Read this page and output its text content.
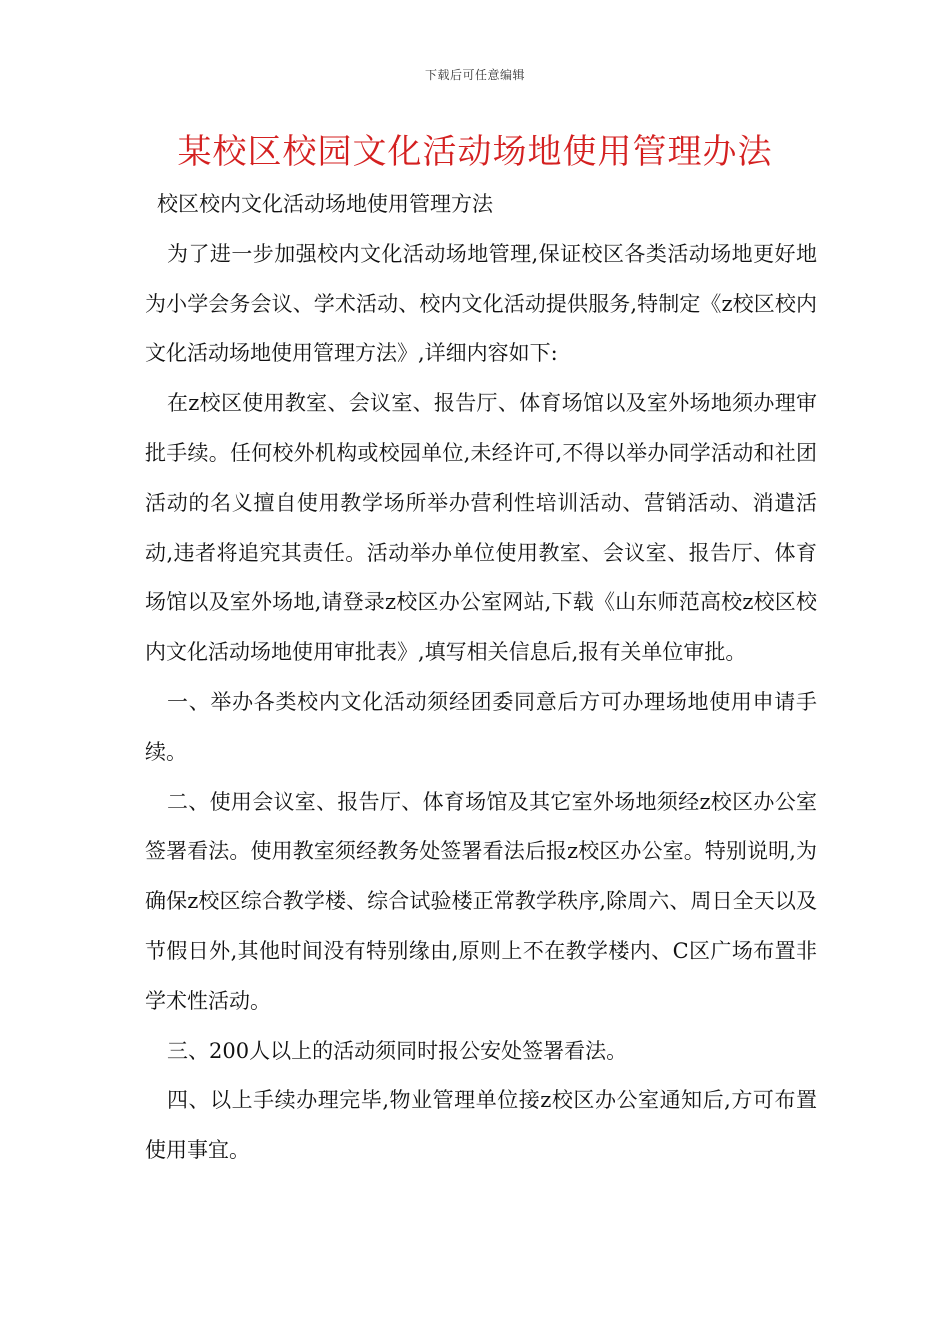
下载后可任意编辑
某校区校园文化活动场地使用管理办法

校区校内文化活动场地使用管理方法

为了进一步加强校内文化活动场地管理,保证校区各类活动场地更好地为小学会务会议、学术活动、校内文化活动提供服务,特制定《z校区校内文化活动场地使用管理方法》,详细内容如下:

在z校区使用教室、会议室、报告厅、体育场馆以及室外场地须办理审批手续。任何校外机构或校园单位,未经许可,不得以举办同学活动和社团活动的名义擅自使用教学场所举办营利性培训活动、营销活动、消遣活动,违者将追究其责任。活动举办单位使用教室、会议室、报告厅、体育场馆以及室外场地,请登录z校区办公室网站,下载《山东师范高校z校区校内文化活动场地使用审批表》,填写相关信息后,报有关单位审批。

一、举办各类校内文化活动须经团委同意后方可办理场地使用申请手续。

二、使用会议室、报告厅、体育场馆及其它室外场地须经z校区办公室签署看法。使用教室须经教务处签署看法后报z校区办公室。特别说明,为确保z校区综合教学楼、综合试验楼正常教学秩序,除周六、周日全天以及节假日外,其他时间没有特别缘由,原则上不在教学楼内、C区广场布置非学术性活动。

三、200人以上的活动须同时报公安处签署看法。

四、以上手续办理完毕,物业管理单位接z校区办公室通知后,方可布置使用事宜。
